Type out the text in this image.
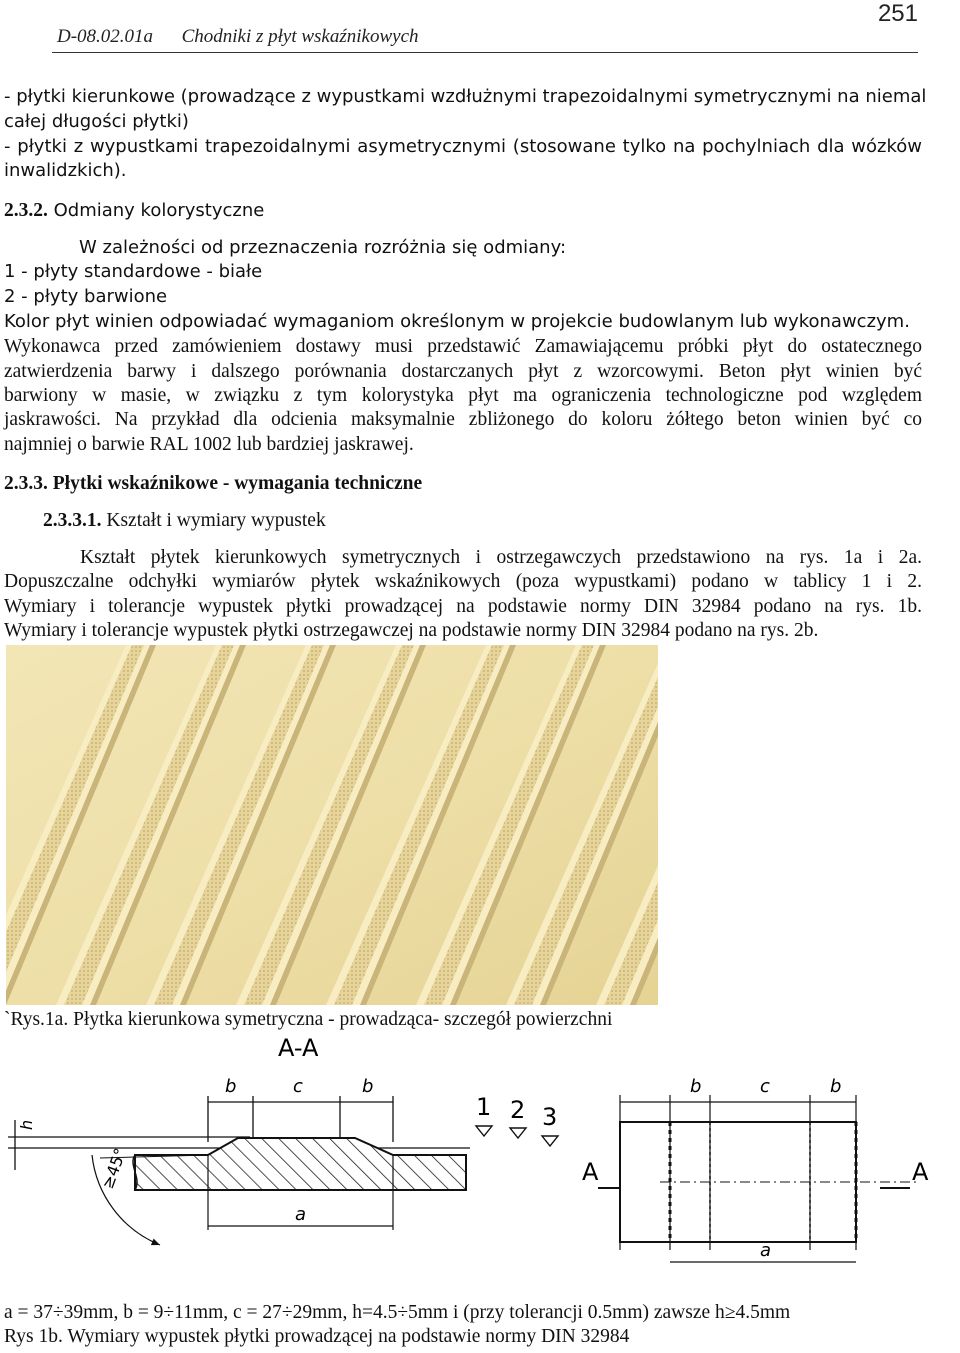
D-08.02.01a Chodniki z płyt wskaźnikowych
251
- płytki kierunkowe (prowadzące z wypustkami wzdłużnymi trapezoidalnymi symetrycznymi na niemal
całej długości płytki)
- płytki z wypustkami trapezoidalnymi asymetrycznymi (stosowane tylko na pochylniach dla wózków
inwalidzkich).
2.3.2. Odmiany kolorystyczne
W zależności od przeznaczenia rozróżnia się odmiany:
1 - płyty standardowe - białe
2 - płyty barwione
Kolor płyt winien odpowiadać wymaganiom określonym w projekcie budowlanym lub wykonawczym.
Wykonawca przed zamówieniem dostawy musi przedstawić Zamawiającemu próbki płyt do ostatecznego
zatwierdzenia barwy i dalszego porównania dostarczanych płyt z wzorcowymi. Beton płyt winien być
barwiony w masie, w związku z tym kolorystyka płyt ma ograniczenia technologiczne pod względem
jaskrawości. Na przykład dla odcienia maksymalnie zbliżonego do koloru żółtego beton winien być co
najmniej o barwie RAL 1002 lub bardziej jaskrawej.
2.3.3. Płytki wskaźnikowe - wymagania techniczne
2.3.3.1. Kształt i wymiary wypustek
Kształt płytek kierunkowych symetrycznych i ostrzegawczych przedstawiono na rys. 1a i 2a.
Dopuszczalne odchyłki wymiarów płytek wskaźnikowych (poza wypustkami) podano w tablicy 1 i 2.
Wymiary i tolerancje wypustek płytki prowadzącej na podstawie normy DIN 32984 podano na rys. 1b.
Wymiary i tolerancje wypustek płytki ostrzegawczej na podstawie normy DIN 32984 podano na rys. 2b.
`Rys.1a. Płytka kierunkowa symetryczna - prowadząca- szczegół powierzchni
A-A
b	c	b
h
≥45°
a
1 2 3
b	c	b
A	A
a
a = 37÷39mm, b = 9÷11mm, c = 27÷29mm, h=4.5÷5mm i (przy tolerancji 0.5mm) zawsze h≥4.5mm
Rys 1b. Wymiary wypustek płytki prowadzącej na podstawie normy DIN 32984
